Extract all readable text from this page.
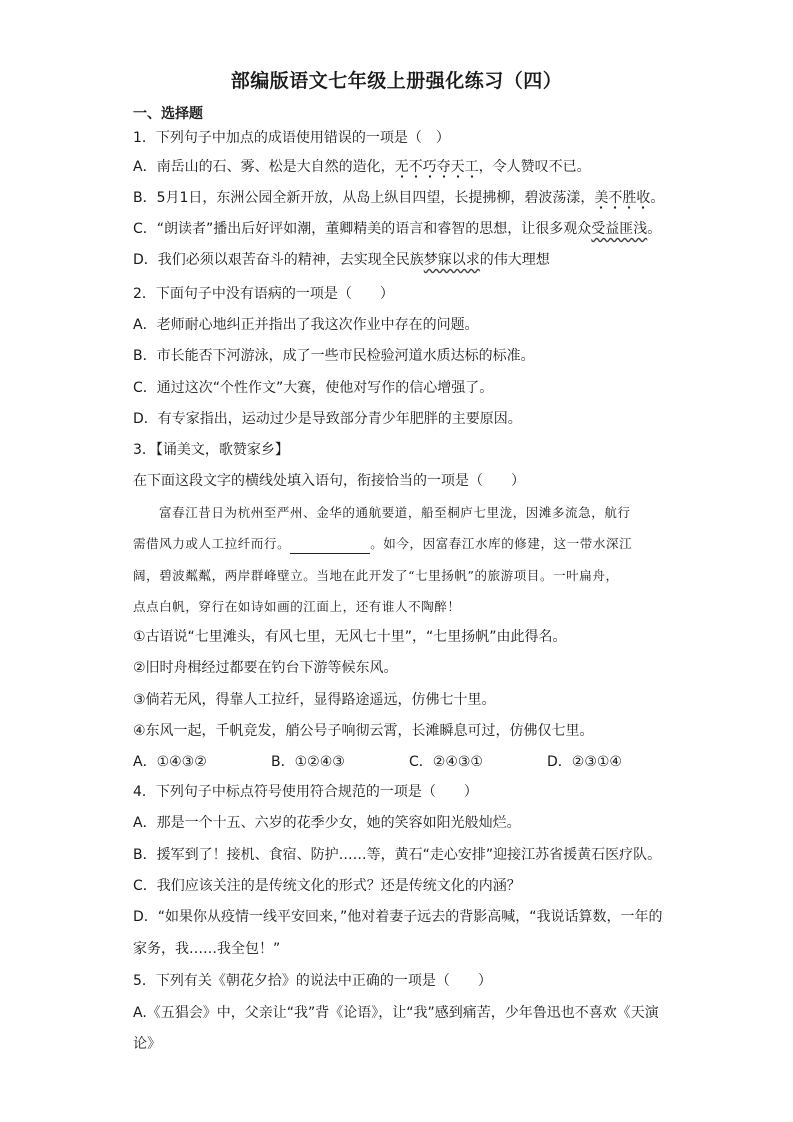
部编版语文七年级上册强化练习（四）
一、选择题
1．下列句子中加点的成语使用错误的一项是（　）
A．南岳山的石、雾、松是大自然的造化，无不巧夺天工，令人赞叹不已。
B．5月1日，东洲公园全新开放，从岛上纵目四望，长提拂柳，碧波荡漾，美不胜收。
C．“朗读者”播出后好评如潮，董卿精美的语言和睿智的思想，让很多观众受益匪浅。
D．我们必须以艰苦奋斗的精神，去实现全民族梦寐以求的伟大理想
2．下面句子中没有语病的一项是（　　）
A．老师耐心地纠正并指出了我这次作业中存在的问题。
B．市长能否下河游泳，成了一些市民检验河道水质达标的标准。
C．通过这次“个性作文”大赛，使他对写作的信心增强了。
D．有专家指出，运动过少是导致部分青少年肥胖的主要原因。
3．【诵美文，歌赞家乡】
在下面这段文字的横线处填入语句，衔接恰当的一项是（　　）
富春江昔日为杭州至严州、金华的通航要道，船至桐庐七里泷，因滩多流急，航行
需借风力或人工拉纤而行。	。如今，因富春江水库的修建，这一带水深江
阔，碧波粼粼，两岸群峰壁立。当地在此开发了“七里扬帆”的旅游项目。一叶扁舟，
点点白帆，穿行在如诗如画的江面上，还有谁人不陶醉！
①古语说“七里滩头，有风七里，无风七十里”，“七里扬帆”由此得名。
②旧时舟楫经过都要在钓台下游等候东风。
③倘若无风，得靠人工拉纤，显得路途遥远，仿佛七十里。
④东风一起，千帆竞发，艄公号子响彻云霄，长滩瞬息可过，仿佛仅七里。
A．①④③②	B．①②④③	C．②④③①	D．②③①④
4．下列句子中标点符号使用符合规范的一项是（　　）
A．那是一个十五、六岁的花季少女，她的笑容如阳光般灿烂。
B．援军到了！接机、食宿、防护……等，黄石“走心安排”迎接江苏省援黄石医疗队。
C．我们应该关注的是传统文化的形式？还是传统文化的内涵？
D．“如果你从疫情一线平安回来，”他对着妻子远去的背影高喊，“我说话算数，一年的
家务，我……我全包！”
5．下列有关《朝花夕拾》的说法中正确的一项是（　　）
A.《五猖会》中，父亲让“我”背《论语》，让“我”感到痛苦，少年鲁迅也不喜欢《天演
论》
